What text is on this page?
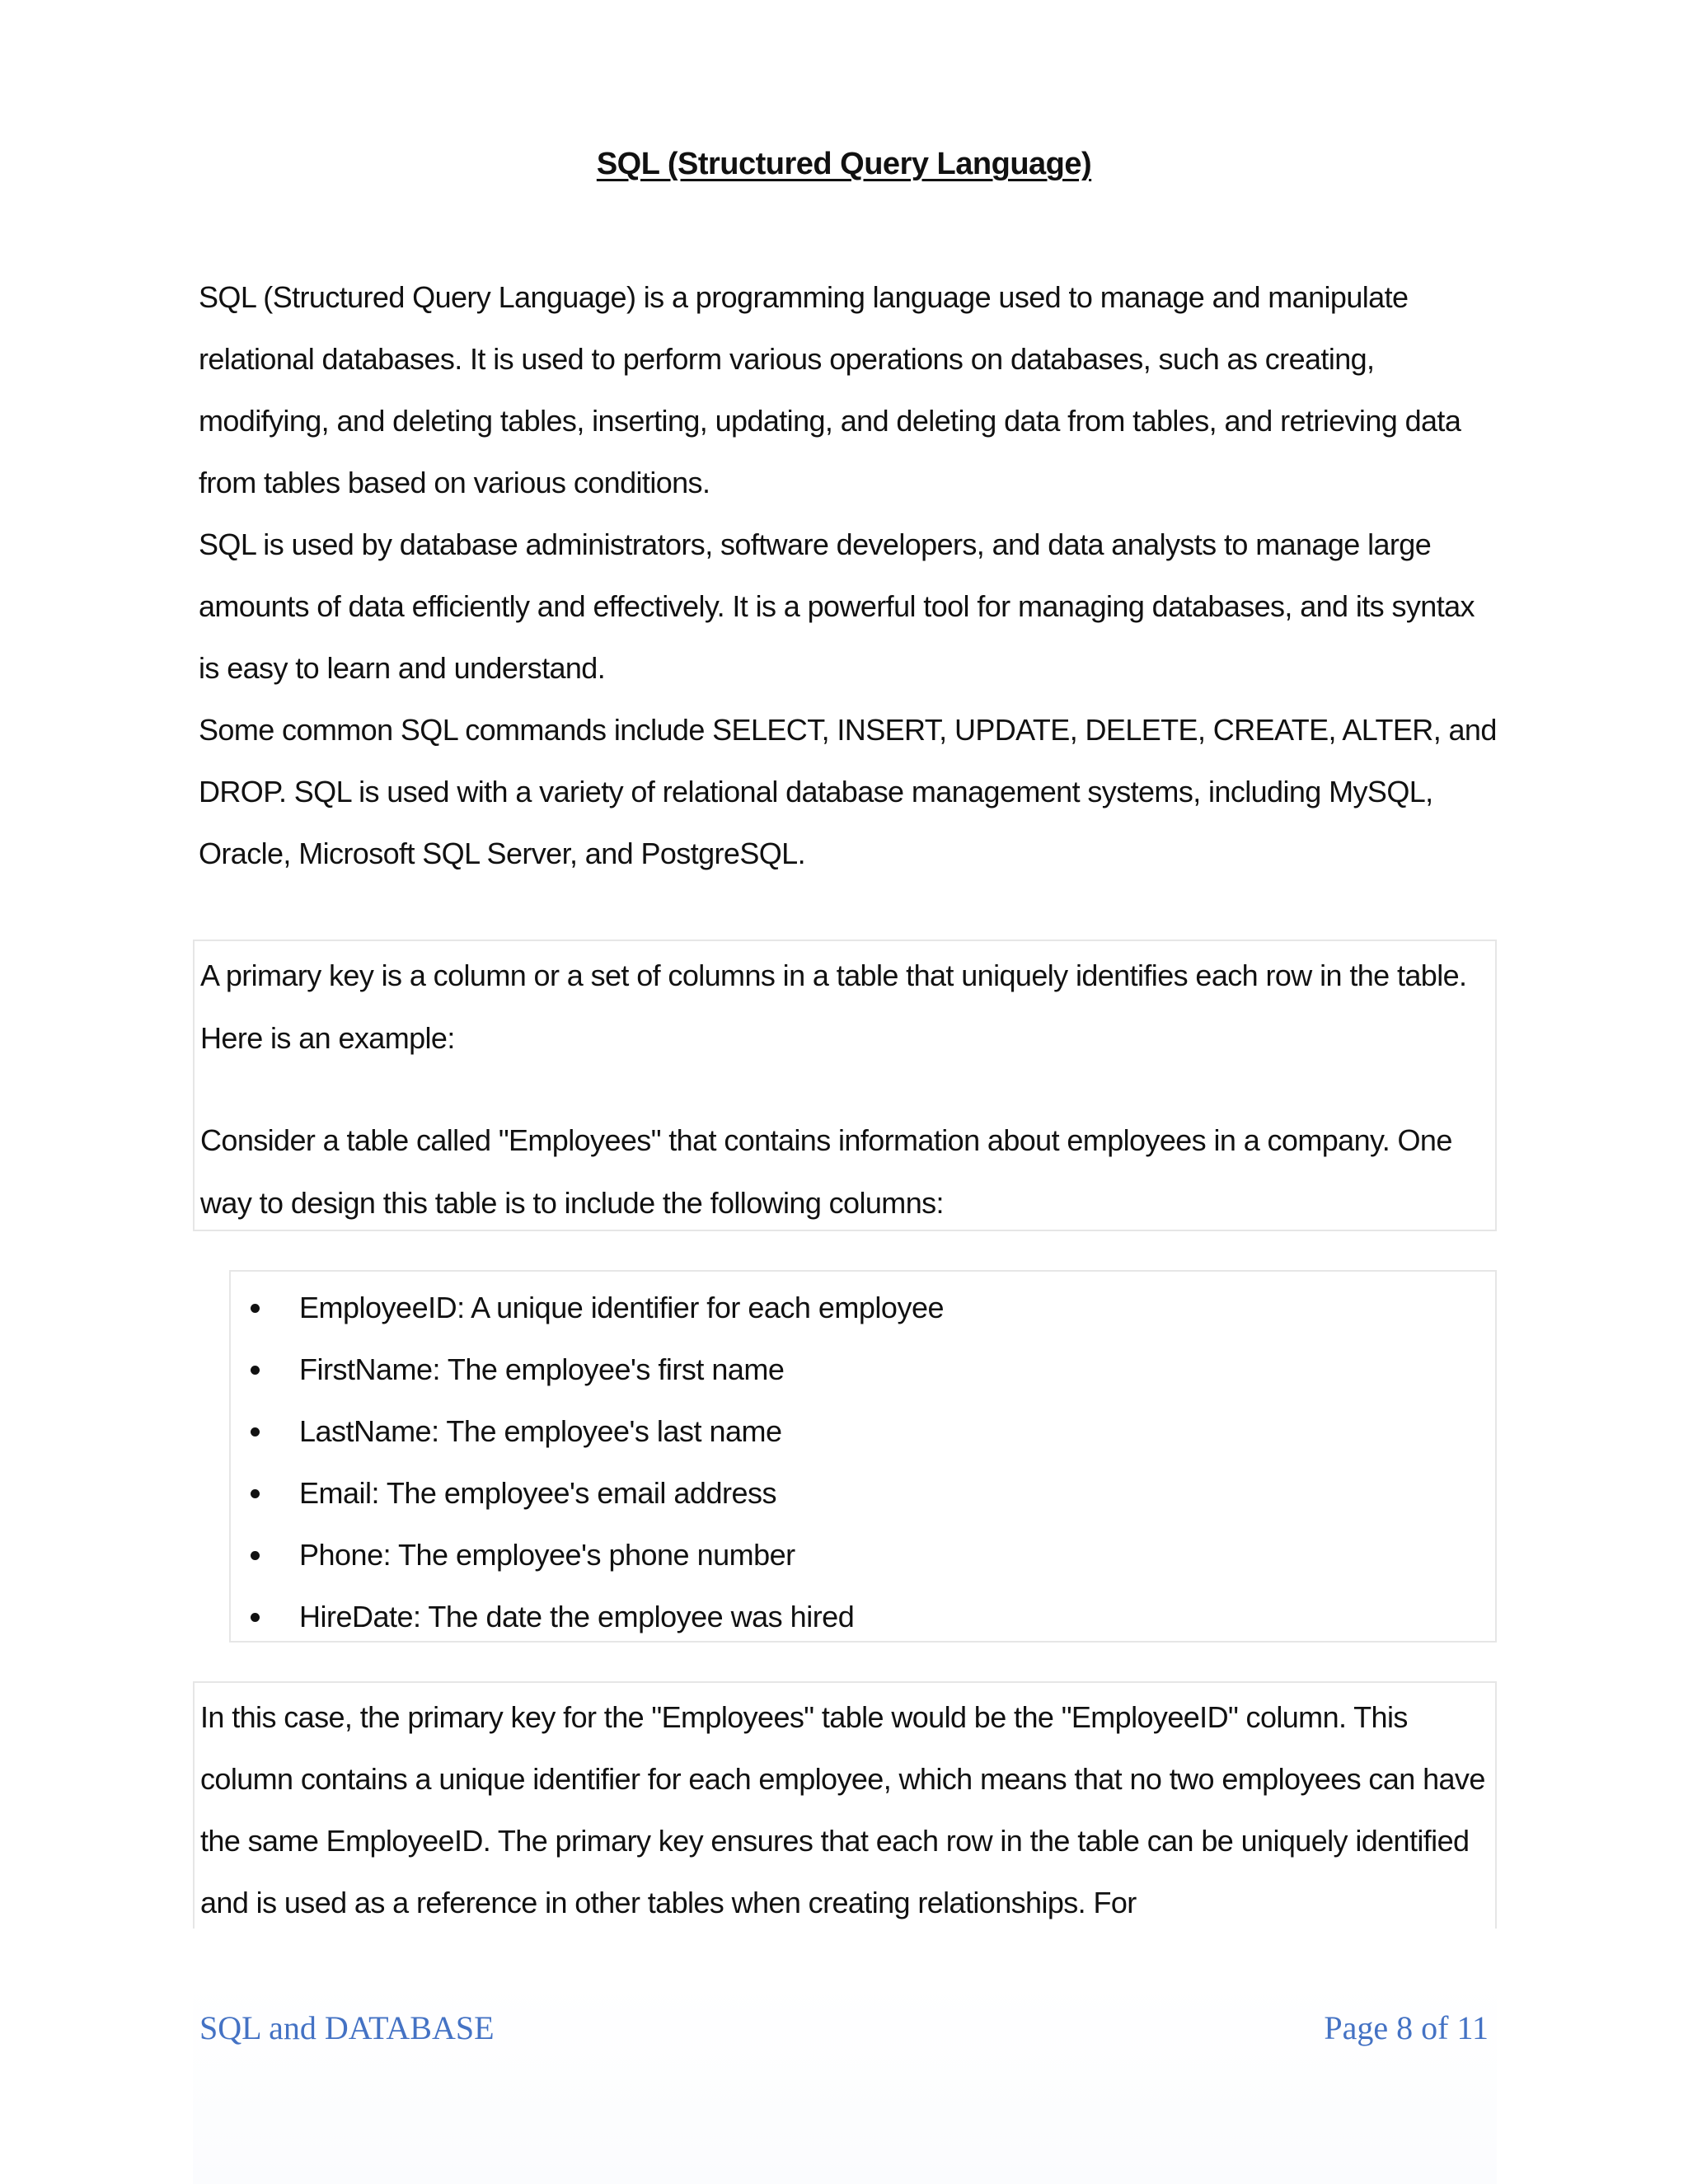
SQL (Structured Query Language)

SQL (Structured Query Language) is a programming language used to manage and manipulate relational databases. It is used to perform various operations on databases, such as creating, modifying, and deleting tables, inserting, updating, and deleting data from tables, and retrieving data from tables based on various conditions.

SQL is used by database administrators, software developers, and data analysts to manage large amounts of data efficiently and effectively. It is a powerful tool for managing databases, and its syntax is easy to learn and understand.

Some common SQL commands include SELECT, INSERT, UPDATE, DELETE, CREATE, ALTER, and DROP. SQL is used with a variety of relational database management systems, including MySQL, Oracle, Microsoft SQL Server, and PostgreSQL.

A primary key is a column or a set of columns in a table that uniquely identifies each row in the table. Here is an example:

Consider a table called "Employees" that contains information about employees in a company. One way to design this table is to include the following columns:

EmployeeID: A unique identifier for each employee
FirstName: The employee's first name
LastName: The employee's last name
Email: The employee's email address
Phone: The employee's phone number
HireDate: The date the employee was hired

In this case, the primary key for the "Employees" table would be the "EmployeeID" column. This column contains a unique identifier for each employee, which means that no two employees can have the same EmployeeID. The primary key ensures that each row in the table can be uniquely identified and is used as a reference in other tables when creating relationships. For

SQL and DATABASE	Page 8 of 11
